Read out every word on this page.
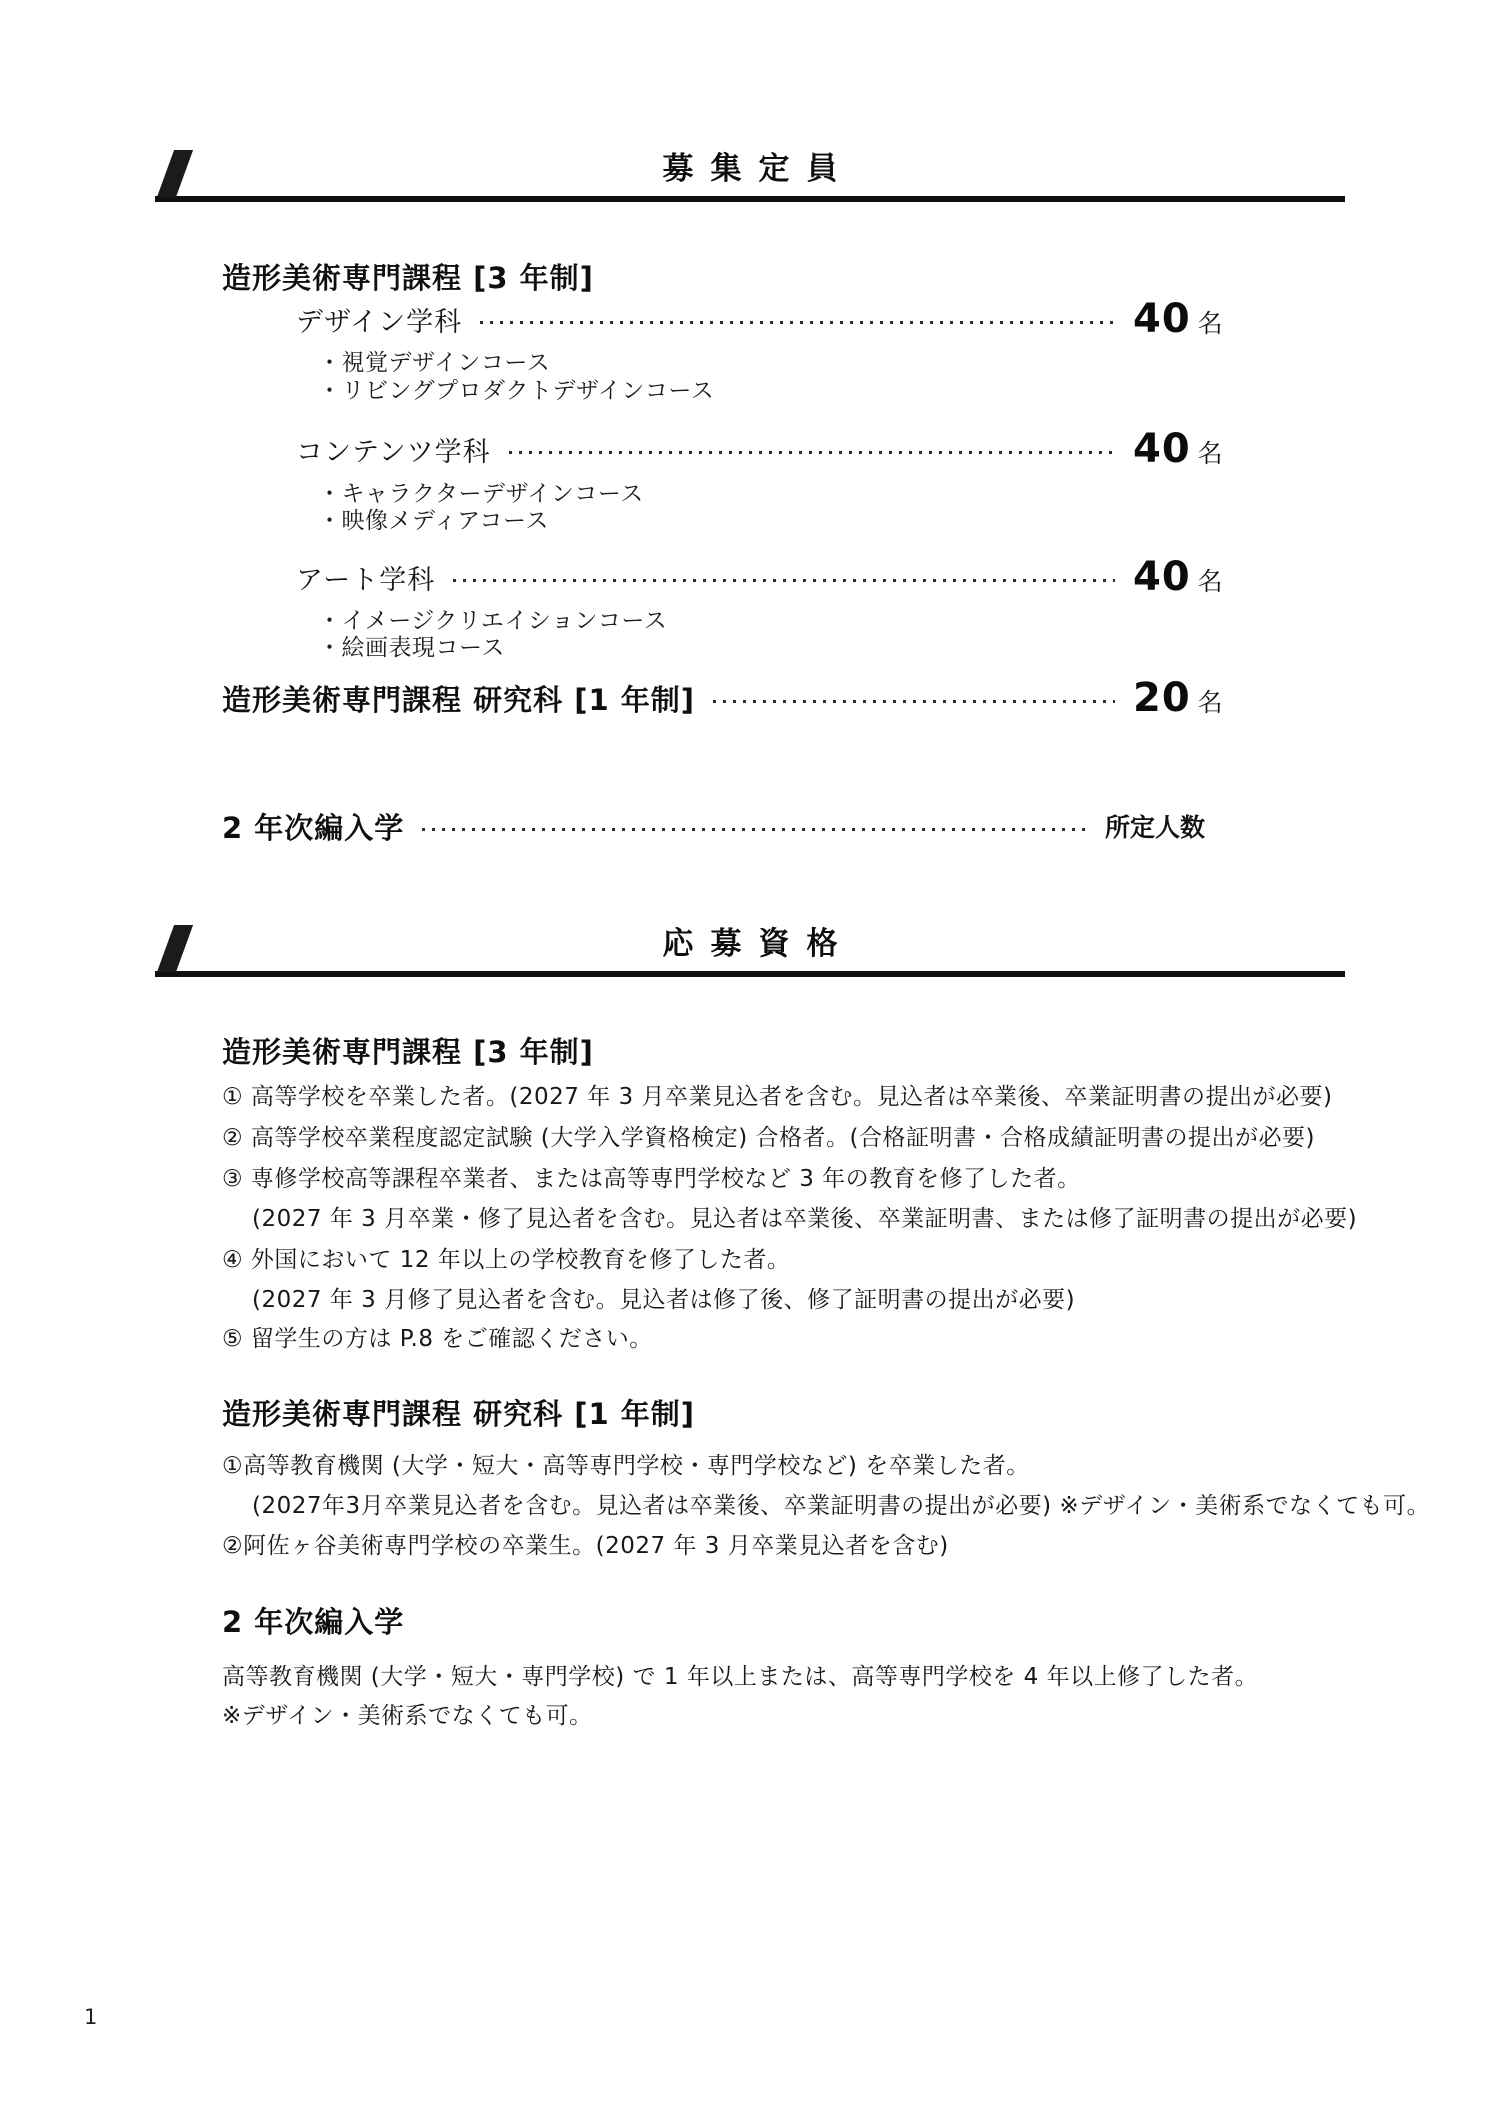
募集定員
造形美術専門課程 [3 年制]
デザイン学科	40 名
・視覚デザインコース
・リビングプロダクトデザインコース
コンテンツ学科	40 名
・キャラクターデザインコース
・映像メディアコース
アート学科	40 名
・イメージクリエイションコース
・絵画表現コース
造形美術専門課程 研究科 [1 年制]	20 名
2 年次編入学	所定人数
応募資格
造形美術専門課程 [3 年制]
① 高等学校を卒業した者。(2027 年 3 月卒業見込者を含む。見込者は卒業後、卒業証明書の提出が必要)
② 高等学校卒業程度認定試験 (大学入学資格検定) 合格者。(合格証明書・合格成績証明書の提出が必要)
③ 専修学校高等課程卒業者、または高等専門学校など 3 年の教育を修了した者。
(2027 年 3 月卒業・修了見込者を含む。見込者は卒業後、卒業証明書、または修了証明書の提出が必要)
④ 外国において 12 年以上の学校教育を修了した者。
(2027 年 3 月修了見込者を含む。見込者は修了後、修了証明書の提出が必要)
⑤ 留学生の方は P.8 をご確認ください。
造形美術専門課程 研究科 [1 年制]
①高等教育機関 (大学・短大・高等専門学校・専門学校など) を卒業した者。
(2027年3月卒業見込者を含む。見込者は卒業後、卒業証明書の提出が必要) ※デザイン・美術系でなくても可。
②阿佐ヶ谷美術専門学校の卒業生。(2027 年 3 月卒業見込者を含む)
2 年次編入学
高等教育機関 (大学・短大・専門学校) で 1 年以上または、高等専門学校を 4 年以上修了した者。
※デザイン・美術系でなくても可。
1
